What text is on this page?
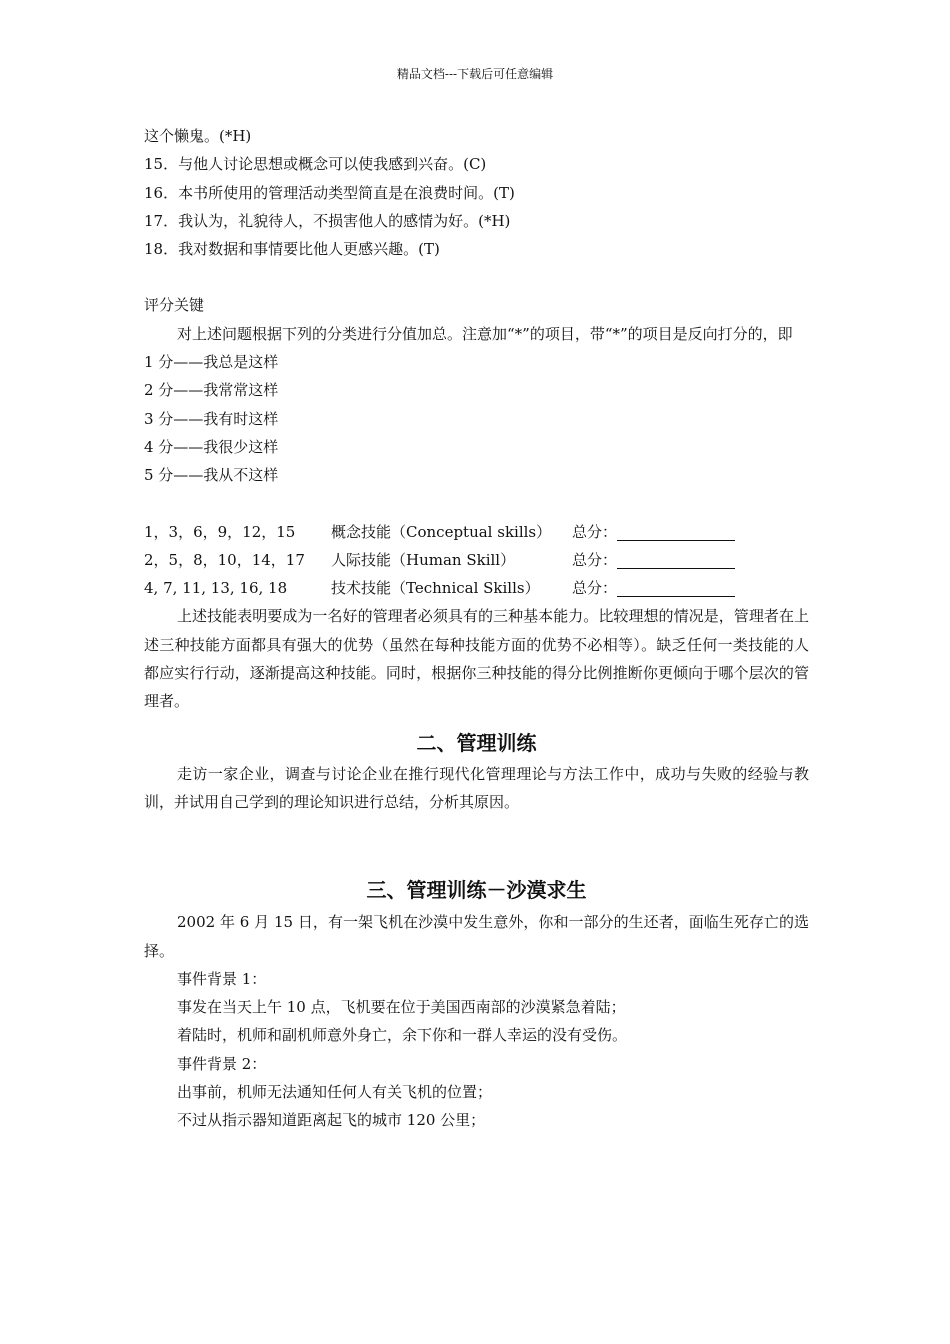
精品文档---下载后可任意编辑
这个懒鬼。(*H)
15．与他人讨论思想或概念可以使我感到兴奋。(C)
16．本书所使用的管理活动类型简直是在浪费时间。(T)
17．我认为，礼貌待人，不损害他人的感情为好。(*H)
18．我对数据和事情要比他人更感兴趣。(T)
评分关键
对上述问题根据下列的分类进行分值加总。注意加“*”的项目，带“*”的项目是反向打分的，即
1 分——我总是这样
2 分——我常常这样
3 分——我有时这样
4 分——我很少这样
5 分——我从不这样
1，3，6，9，12，15	概念技能（Conceptual skills）	总分：
2，5，8，10，14，17	人际技能（Human Skill）	总分：
4, 7, 11, 13, 16, 18	技术技能（Technical Skills）	总分：
上述技能表明要成为一名好的管理者必须具有的三种基本能力。比较理想的情况是，管理者在上述三种技能方面都具有强大的优势（虽然在每种技能方面的优势不必相等）。缺乏任何一类技能的人都应实行行动，逐渐提高这种技能。同时，根据你三种技能的得分比例推断你更倾向于哪个层次的管理者。
二、管理训练
走访一家企业，调查与讨论企业在推行现代化管理理论与方法工作中，成功与失败的经验与教训，并试用自己学到的理论知识进行总结，分析其原因。
三、管理训练－沙漠求生
2002 年 6 月 15 日，有一架飞机在沙漠中发生意外，你和一部分的生还者，面临生死存亡的选择。
事件背景 1：
事发在当天上午 10 点，飞机要在位于美国西南部的沙漠紧急着陆；
着陆时，机师和副机师意外身亡，余下你和一群人幸运的没有受伤。
事件背景 2：
出事前，机师无法通知任何人有关飞机的位置；
不过从指示器知道距离起飞的城市 120 公里；
